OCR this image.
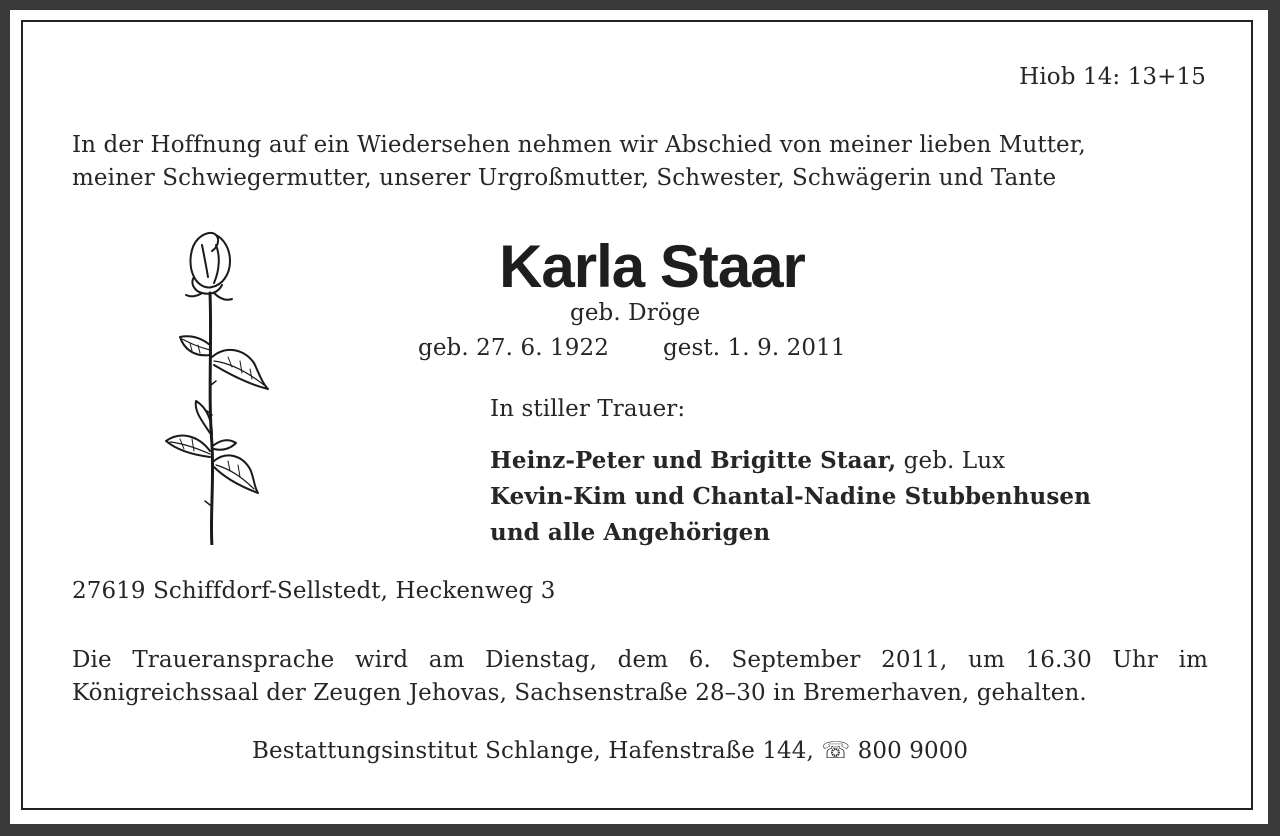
Hiob 14: 13+15
In der Hoffnung auf ein Wiedersehen nehmen wir Abschied von meiner lieben Mutter,
meiner Schwiegermutter, unserer Urgroßmutter, Schwester, Schwägerin und Tante
Karla Staar
geb. Dröge
geb. 27. 6. 1922 gest. 1. 9. 2011
In stiller Trauer:
Heinz-Peter und Brigitte Staar, geb. Lux
Kevin-Kim und Chantal-Nadine Stubbenhusen
und alle Angehörigen
27619 Schiffdorf-Sellstedt, Heckenweg 3
Die Traueransprache wird am Dienstag, dem 6. September 2011, um 16.30 Uhr im
Königreichssaal der Zeugen Jehovas, Sachsenstraße 28–30 in Bremerhaven, gehalten.
Bestattungsinstitut Schlange, Hafenstraße 144, ☏ 800 9000
